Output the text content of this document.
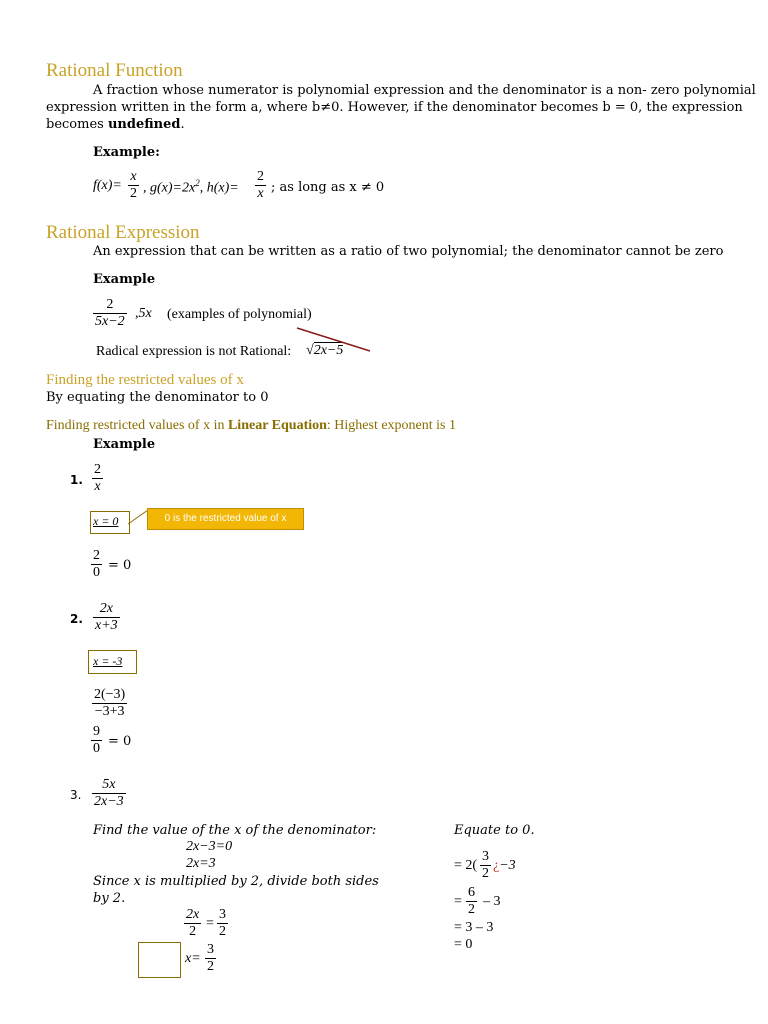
Rational Function
A fraction whose numerator is polynomial expression and the denominator is a non- zero polynomial
expression written in the form a, where b≠0. However, if the denominator becomes b = 0, the expression
becomes undefined.
Example:
$f(x)= \frac{x}{2}$ , $g(x)=2x^2$, $h(x)= \frac{2}{x}$ ; as long as x ≠ 0
Rational Expression
An expression that can be written as a ratio of two polynomial; the denominator cannot be zero
Example
$\frac{2}{5x-2} ,5x$ (examples of polynomial)
Radical expression is not Rational: √2x−5
Finding the restricted values of x
By equating the denominator to 0
Finding restricted values of x in Linear Equation: Highest exponent is 1
Example
1. $\frac{2}{x}$
x = 0	0 is the restricted value of x
$\frac{2}{0} = 0$
2. $\frac{2x}{x+3}$
x = -3
$\frac{2(-3)}{-3+3}$
$\frac{9}{0} = 0$
3. $\frac{5x}{2x-3}$
Find the value of the x of the denominator:
2x−3=0
2x=3
Since x is multiplied by 2, divide both sides
by 2.
$\frac{2x}{2} = \frac{3}{2}$
$x= \frac{3}{2}$
Equate to 0.
= $2( \frac{3}{2}$ ¿−3
= $\frac{6}{2} - 3$
= 3 – 3
= 0
